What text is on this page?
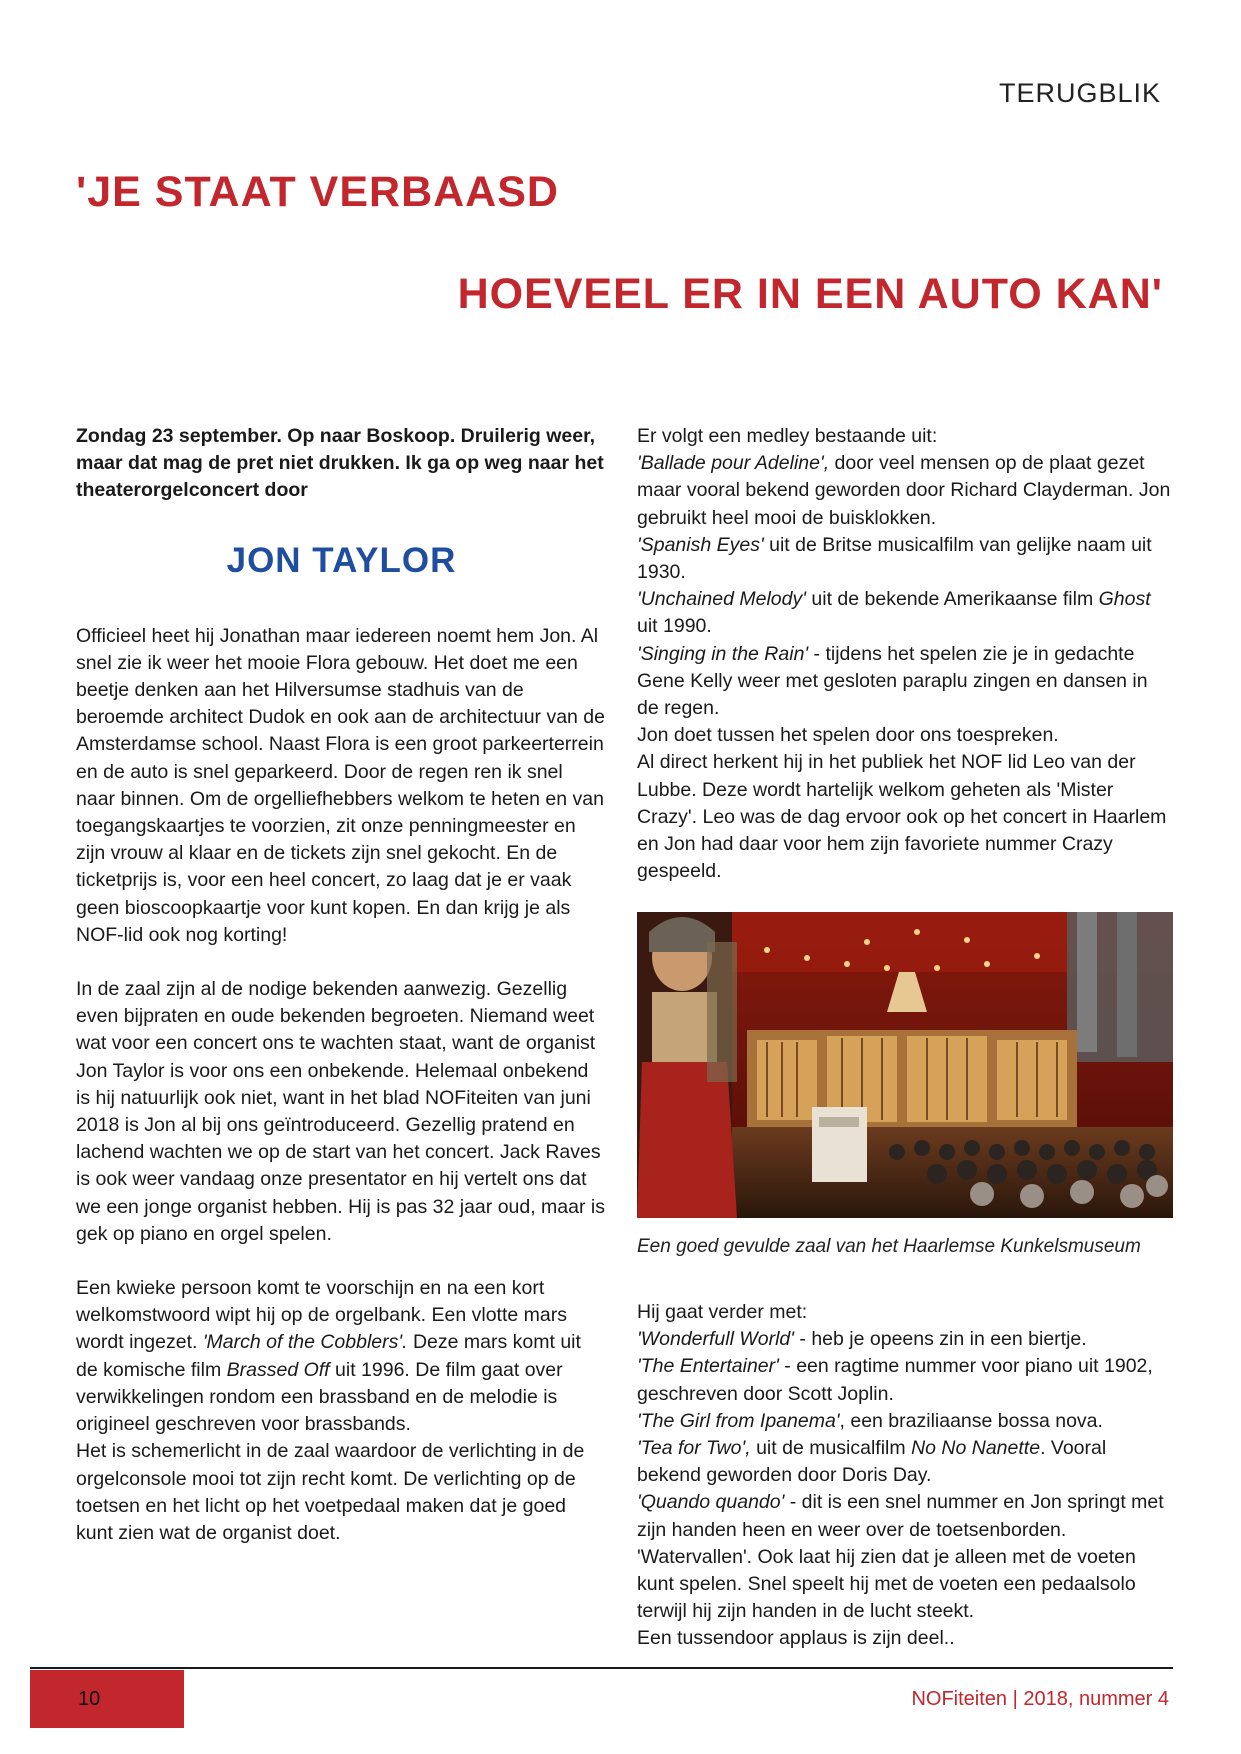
TERUGBLIK
'JE STAAT VERBAASD
HOEVEEL ER IN EEN AUTO KAN'

Zondag 23 september. Op naar Boskoop. Druilerig weer, maar dat mag de pret niet drukken. Ik ga op weg naar het theaterorgelconcert door

JON TAYLOR

Officieel heet hij Jonathan maar iedereen noemt hem Jon. Al snel zie ik weer het mooie Flora gebouw. Het doet me een beetje denken aan het Hilversumse stadhuis van de beroemde architect Dudok en ook aan de architectuur van de Amsterdamse school. Naast Flora is een groot parkeerterrein en de auto is snel geparkeerd. Door de regen ren ik snel naar binnen. Om de orgelliefhebbers welkom te heten en van toegangskaartjes te voorzien, zit onze penningmeester en zijn vrouw al klaar en de tickets zijn snel gekocht. En de ticketprijs is, voor een heel concert, zo laag dat je er vaak geen bioscoopkaartje voor kunt kopen. En dan krijg je als NOF-lid ook nog korting!

In de zaal zijn al de nodige bekenden aanwezig. Gezellig even bijpraten en oude bekenden begroeten. Niemand weet wat voor een concert ons te wachten staat, want de organist Jon Taylor is voor ons een onbekende. Helemaal onbekend is hij natuurlijk ook niet, want in het blad NOFiteiten van juni 2018 is Jon al bij ons geïntroduceerd. Gezellig pratend en lachend wachten we op de start van het concert. Jack Raves is ook weer vandaag onze presentator en hij vertelt ons dat we een jonge organist hebben. Hij is pas 32 jaar oud, maar is gek op piano en orgel spelen.

Een kwieke persoon komt te voorschijn en na een kort welkomstwoord wipt hij op de orgelbank. Een vlotte mars wordt ingezet. 'March of the Cobblers'. Deze mars komt uit de komische film Brassed Off uit 1996. De film gaat over verwikkelingen rondom een brassband en de melodie is origineel geschreven voor brassbands.

Het is schemerlicht in de zaal waardoor de verlichting in de orgelconsole mooi tot zijn recht komt. De verlichting op de toetsen en het licht op het voetpedaal maken dat je goed kunt zien wat de organist doet.

Er volgt een medley bestaande uit:

'Ballade pour Adeline', door veel mensen op de plaat gezet maar vooral bekend geworden door Richard Clayderman. Jon gebruikt heel mooi de buisklokken.

'Spanish Eyes' uit de Britse musicalfilm van gelijke naam uit 1930.

'Unchained Melody' uit de bekende Amerikaanse film Ghost uit 1990.

'Singing in the Rain' - tijdens het spelen zie je in gedachte Gene Kelly weer met gesloten paraplu zingen en dansen in de regen.

Jon doet tussen het spelen door ons toespreken.

Al direct herkent hij in het publiek het NOF lid Leo van der Lubbe. Deze wordt hartelijk welkom geheten als 'Mister Crazy'. Leo was de dag ervoor ook op het concert in Haarlem en Jon had daar voor hem zijn favoriete nummer Crazy gespeeld.

Een goed gevulde zaal van het Haarlemse Kunkelsmuseum
Hij gaat verder met:
'Wonderfull World' - heb je opeens zin in een biertje.
'The Entertainer' - een ragtime nummer voor piano uit 1902, geschreven door Scott Joplin.
'The Girl from Ipanema', een braziliaanse bossa nova.
'Tea for Two', uit de musicalfilm No No Nanette. Vooral bekend geworden door Doris Day.
'Quando quando' - dit is een snel nummer en Jon springt met zijn handen heen en weer over de toetsenborden.
'Watervallen'. Ook laat hij zien dat je alleen met de voeten kunt spelen. Snel speelt hij met de voeten een pedaalsolo terwijl hij zijn handen in de lucht steekt.
Een tussendoor applaus is zijn deel..
10	NOFiteiten | 2018, nummer 4
